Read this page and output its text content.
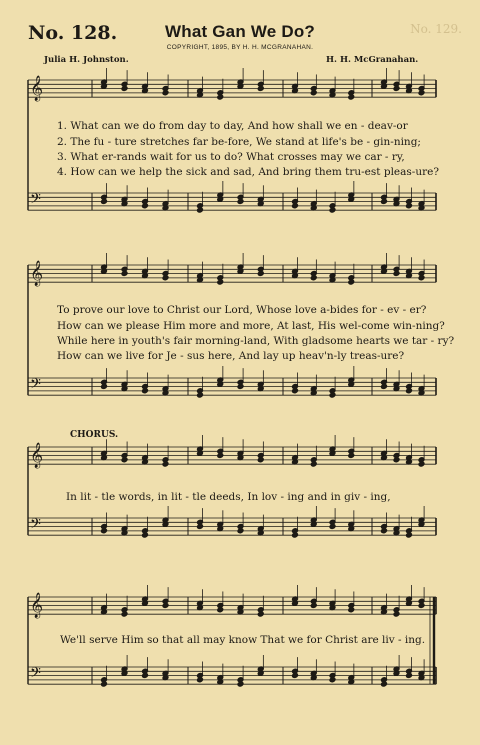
No. 128.	What Gan We Do?	No. 129.
COPYRIGHT, 1895, BY H. H. MCGRANAHAN.
Julia H. Johnston.	H. H. McGranahan.
𝄞
𝄢
𝄞
𝄢
𝄞
𝄢
𝄞
𝄢
1. What can we do from day to day, And how shall we en - deav-or
2. The fu - ture stretches far be-fore, We stand at life's be - gin-ning;
3. What er-rands wait for us to do? What crosses may we car - ry,
4. How can we help the sick and sad, And bring them tru-est pleas-ure?
To prove our love to Christ our Lord, Whose love a-bides for - ev - er?
How can we please Him more and more, At last, His wel-come win-ning?
While here in youth's fair morning-land, With gladsome hearts we tar - ry?
How can we live for Je - sus here, And lay up heav'n-ly treas-ure?
CHORUS.
In lit - tle words, in lit - tle deeds, In lov - ing and in giv - ing,
We'll serve Him so that all may know That we for Christ are liv - ing.
